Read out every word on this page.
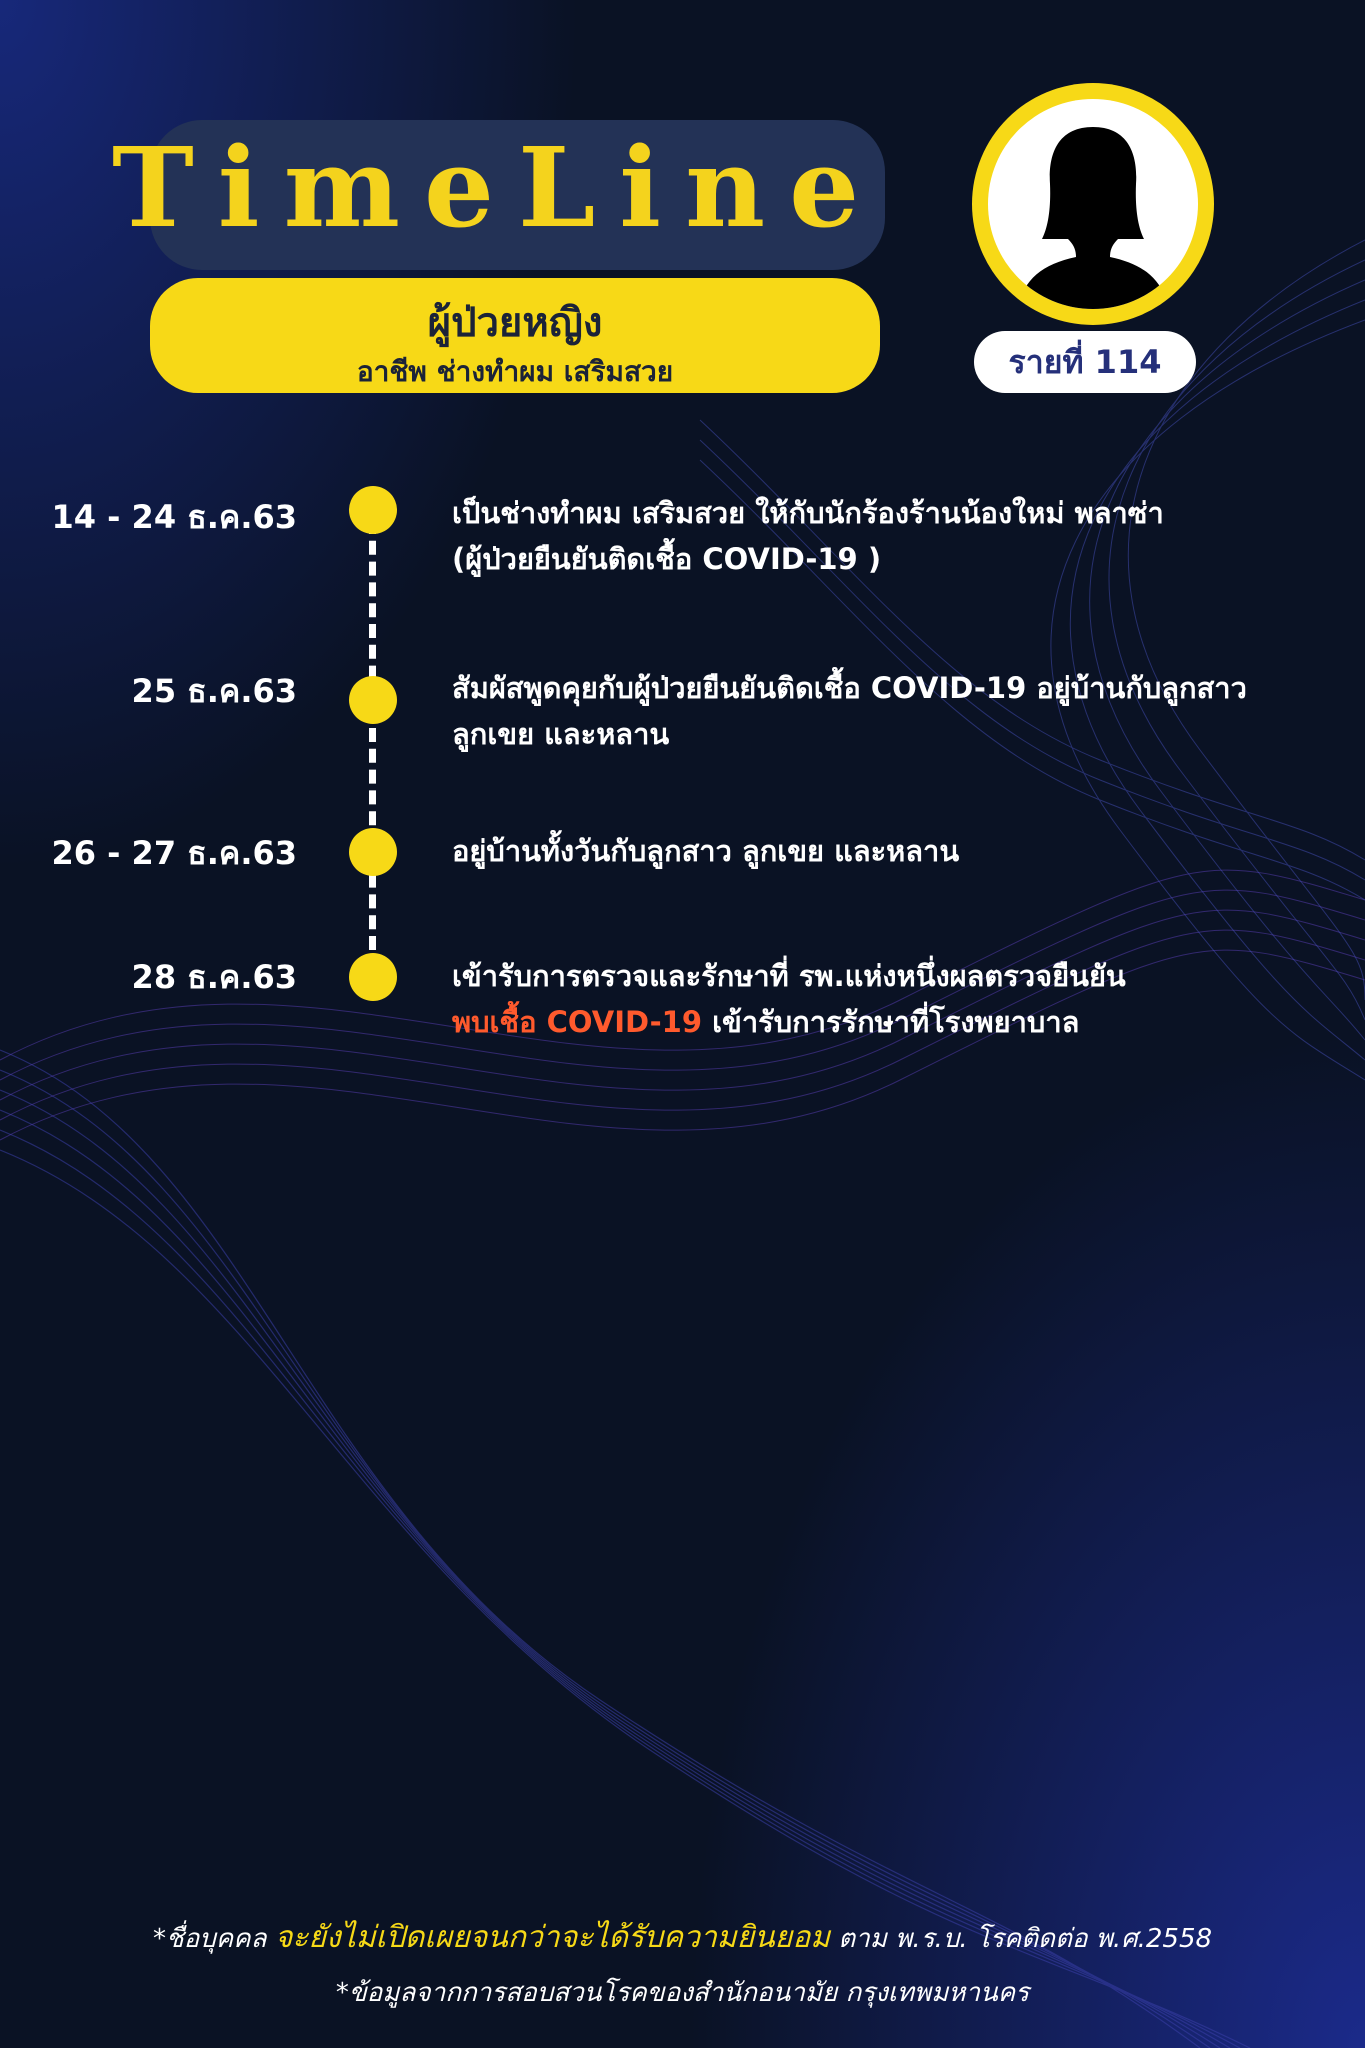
TimeLine
ผู้ป่วยหญิง
อาชีพ ช่างทำผม เสริมสวย	รายที่ 114
14 - 24 ธ.ค.63	เป็นช่างทำผม เสริมสวย ให้กับนักร้องร้านน้องใหม่ พลาซ่า
(ผู้ป่วยยืนยันติดเชื้อ COVID-19 )
25 ธ.ค.63	สัมผัสพูดคุยกับผู้ป่วยยืนยันติดเชื้อ COVID-19 อยู่บ้านกับลูกสาว
ลูกเขย และหลาน
26 - 27 ธ.ค.63	อยู่บ้านทั้งวันกับลูกสาว ลูกเขย และหลาน
28 ธ.ค.63	เข้ารับการตรวจและรักษาที่ รพ.แห่งหนึ่งผลตรวจยืนยัน
พบเชื้อ COVID-19 เข้ารับการรักษาที่โรงพยาบาล
*ชื่อบุคคล จะยังไม่เปิดเผยจนกว่าจะได้รับความยินยอม ตาม พ.ร.บ. โรคติดต่อ พ.ศ.2558
*ข้อมูลจากการสอบสวนโรคของสำนักอนามัย กรุงเทพมหานคร
